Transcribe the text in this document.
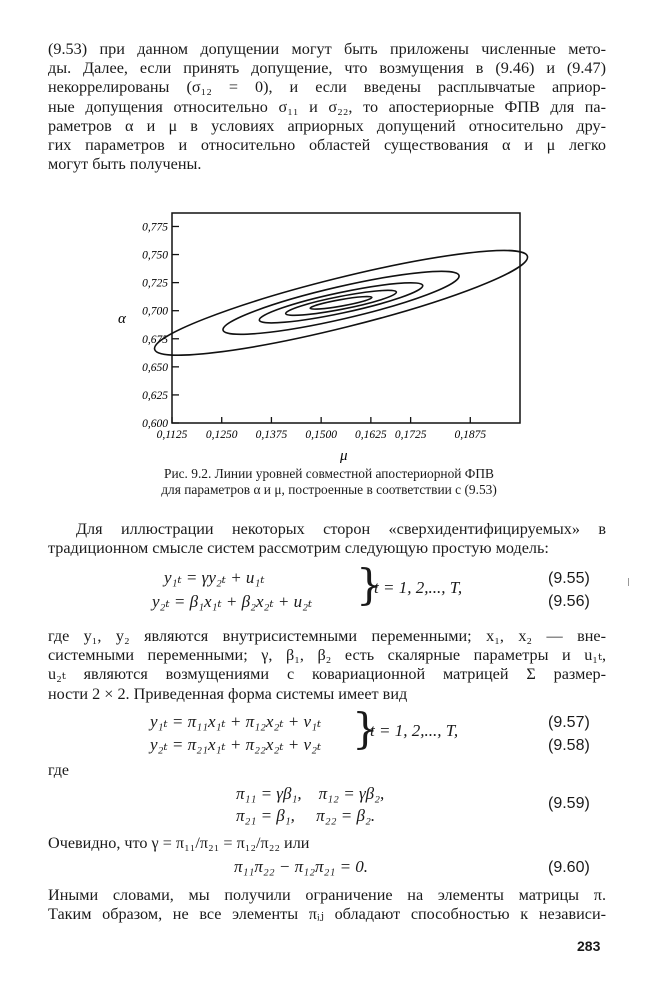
(9.53) при данном допущении могут быть приложены численные мето-
ды. Далее, если принять допущение, что возмущения в (9.46) и (9.47)
некоррелированы (σ₁₂ = 0), и если введены расплывчатые априор-
ные допущения относительно σ₁₁ и σ₂₂, то апостериорные ФПВ для па-
раметров α и μ в условиях априорных допущений относительно дру-
гих параметров и относительно областей существования α и μ легко
могут быть получены.
0,775
0,750
0,725
0,700
0,675
0,650
0,625
0,600
0,1125 0,1250 0,1375 0,1500 0,1625 0,1725 0,1875
α
μ
Рис. 9.2. Линии уровней совместной апостериорной ФПВ
для параметров α и μ, построенные в соответствии с (9.53)
Для иллюстрации некоторых сторон «сверхидентифицируемых» в
традиционном смысле систем рассмотрим следующую простую модель:
y₁ₜ = γy₂ₜ + u₁ₜ
y₂ₜ = β₁x₁ₜ + β₂x₂ₜ + u₂ₜ }
t = 1, 2,..., T,	(9.55)
(9.56)
где y₁, y₂ являются внутрисистемными переменными; x₁, x₂ — вне-
системными переменными; γ, β₁, β₂ есть скалярные параметры и u₁ₜ,
u₂ₜ являются возмущениями с ковариационной матрицей Σ размер-
ности 2 × 2. Приведенная форма системы имеет вид
y₁ₜ = π₁₁x₁ₜ + π₁₂x₂ₜ + v₁ₜ
y₂ₜ = π₂₁x₁ₜ + π₂₂x₂ₜ + v₂ₜ }
t = 1, 2,..., T,	(9.57)
(9.58)
где
π₁₁ = γβ₁,    π₁₂ = γβ₂,
π₂₁ = β₁,     π₂₂ = β₂.
(9.59)
Очевидно, что γ = π₁₁/π₂₁ = π₁₂/π₂₂ или
π₁₁π₂₂ − π₁₂π₂₁ = 0.	(9.60)
Иными словами, мы получили ограничение на элементы матрицы π.
Таким образом, не все элементы πᵢⱼ обладают способностью к независи-
283
